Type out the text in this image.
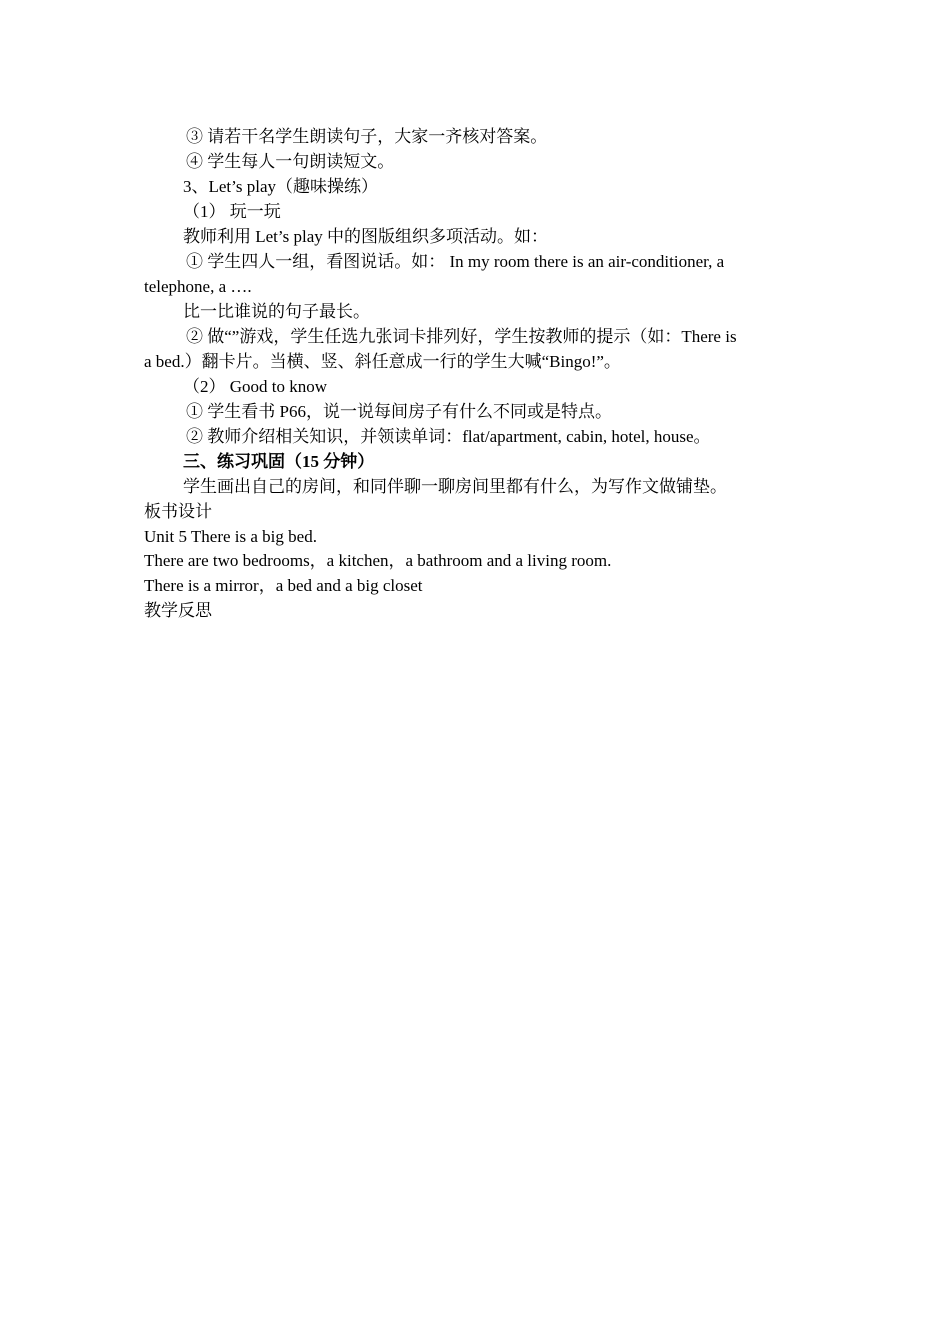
③ 请若干名学生朗读句子，大家一齐核对答案。
④ 学生每人一句朗读短文。
3、Let’s play（趣味操练）
（1） 玩一玩
教师利用 Let’s play 中的图版组织多项活动。如：
① 学生四人一组，看图说话。如： In my room there is an air-conditioner, a
telephone, a ….
比一比谁说的句子最长。
② 做“”游戏，学生任选九张词卡排列好，学生按教师的提示（如：There is
a bed.）翻卡片。当横、竖、斜任意成一行的学生大喊“Bingo!”。
（2） Good to know
① 学生看书 P66，说一说每间房子有什么不同或是特点。
② 教师介绍相关知识，并领读单词：flat/apartment, cabin, hotel, house。
三、练习巩固（15 分钟）
学生画出自己的房间，和同伴聊一聊房间里都有什么，为写作文做铺垫。
板书设计
Unit 5 There is a big bed.
There are two bedrooms，a kitchen，a bathroom and a living room.
There is a mirror，a bed and a big closet
教学反思
